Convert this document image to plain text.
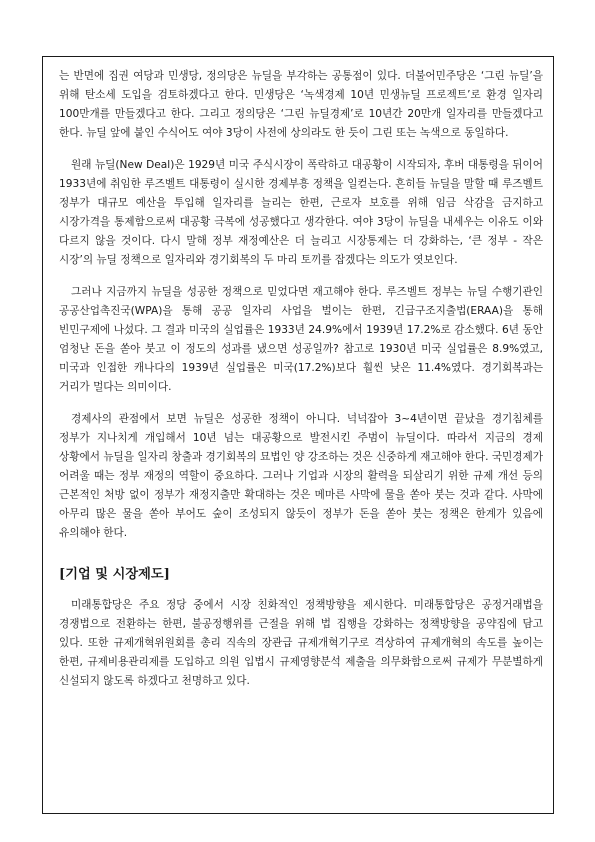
는 반면에 집권 여당과 민생당, 정의당은 뉴딜을 부각하는 공통점이 있다. 더불어민주당은 ‘그린 뉴딜’을 위해 탄소세 도입을 검토하겠다고 한다. 민생당은 ‘녹색경제 10년 민생뉴딜 프로젝트’로 환경 일자리 100만개를 만들겠다고 한다. 그리고 정의당은 ‘그린 뉴딜경제’로 10년간 20만개 일자리를 만들겠다고 한다. 뉴딜 앞에 붙인 수식어도 여야 3당이 사전에 상의라도 한 듯이 그린 또는 녹색으로 동일하다.

원래 뉴딜(New Deal)은 1929년 미국 주식시장이 폭락하고 대공황이 시작되자, 후버 대통령을 뒤이어 1933년에 취임한 루즈벨트 대통령이 실시한 경제부흥 정책을 일컫는다. 흔히들 뉴딜을 말할 때 루즈벨트 정부가 대규모 예산을 투입해 일자리를 늘리는 한편, 근로자 보호를 위해 임금 삭감을 금지하고 시장가격을 통제함으로써 대공황 극복에 성공했다고 생각한다. 여야 3당이 뉴딜을 내세우는 이유도 이와 다르지 않을 것이다. 다시 말해 정부 재정예산은 더 늘리고 시장통제는 더 강화하는, ‘큰 정부 - 작은 시장’의 뉴딜 정책으로 일자리와 경기회복의 두 마리 토끼를 잡겠다는 의도가 엿보인다.

그러나 지금까지 뉴딜을 성공한 정책으로 믿었다면 재고해야 한다. 루즈벨트 정부는 뉴딜 수행기관인 공공산업촉진국(WPA)을 통해 공공 일자리 사업을 벌이는 한편, 긴급구조지출법(ERAA)을 통해 빈민구제에 나섰다. 그 결과 미국의 실업률은 1933년 24.9%에서 1939년 17.2%로 감소했다. 6년 동안 엄청난 돈을 쏟아 붓고 이 정도의 성과를 냈으면 성공일까? 참고로 1930년 미국 실업률은 8.9%였고, 미국과 인접한 캐나다의 1939년 실업률은 미국(17.2%)보다 훨씬 낮은 11.4%였다. 경기회복과는 거리가 멀다는 의미이다.

경제사의 관점에서 보면 뉴딜은 성공한 정책이 아니다. 넉넉잡아 3~4년이면 끝났을 경기침체를 정부가 지나치게 개입해서 10년 넘는 대공황으로 발전시킨 주범이 뉴딜이다. 따라서 지금의 경제 상황에서 뉴딜을 일자리 창출과 경기회복의 묘법인 양 강조하는 것은 신중하게 재고해야 한다. 국민경제가 어려울 때는 정부 재정의 역할이 중요하다. 그러나 기업과 시장의 활력을 되살리기 위한 규제 개선 등의 근본적인 처방 없이 정부가 재정지출만 확대하는 것은 메마른 사막에 물을 쏟아 붓는 것과 같다. 사막에 아무리 많은 물을 쏟아 부어도 숲이 조성되지 않듯이 정부가 돈을 쏟아 붓는 정책은 한계가 있음에 유의해야 한다.

[기업 및 시장제도]

미래통합당은 주요 정당 중에서 시장 친화적인 정책방향을 제시한다. 미래통합당은 공정거래법을 경쟁법으로 전환하는 한편, 불공정행위를 근절을 위해 법 집행을 강화하는 정책방향을 공약집에 담고 있다. 또한 규제개혁위원회를 총리 직속의 장관급 규제개혁기구로 격상하여 규제개혁의 속도를 높이는 한편, 규제비용관리제를 도입하고 의원 입법시 규제영향분석 제출을 의무화함으로써 규제가 무분별하게 신설되지 않도록 하겠다고 천명하고 있다.
